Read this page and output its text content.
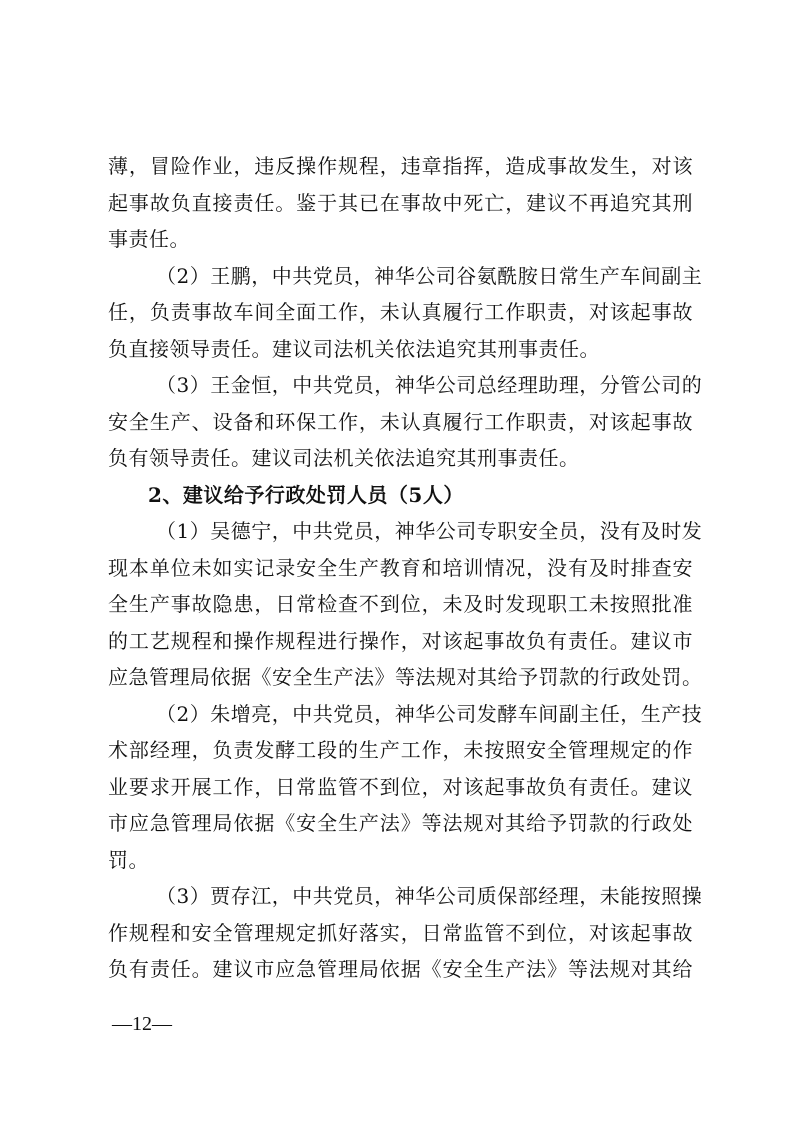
薄，冒险作业，违反操作规程，违章指挥，造成事故发生，对该
起事故负直接责任。鉴于其已在事故中死亡，建议不再追究其刑
事责任。
（2）王鹏，中共党员，神华公司谷氨酰胺日常生产车间副主
任，负责事故车间全面工作，未认真履行工作职责，对该起事故
负直接领导责任。建议司法机关依法追究其刑事责任。
（3）王金恒，中共党员，神华公司总经理助理，分管公司的
安全生产、设备和环保工作，未认真履行工作职责，对该起事故
负有领导责任。建议司法机关依法追究其刑事责任。
2、建议给予行政处罚人员（5人）
（1）吴德宁，中共党员，神华公司专职安全员，没有及时发
现本单位未如实记录安全生产教育和培训情况，没有及时排查安
全生产事故隐患，日常检查不到位，未及时发现职工未按照批准
的工艺规程和操作规程进行操作，对该起事故负有责任。建议市
应急管理局依据《安全生产法》等法规对其给予罚款的行政处罚。
（2）朱增亮，中共党员，神华公司发酵车间副主任，生产技
术部经理，负责发酵工段的生产工作，未按照安全管理规定的作
业要求开展工作，日常监管不到位，对该起事故负有责任。建议
市应急管理局依据《安全生产法》等法规对其给予罚款的行政处
罚。
（3）贾存江，中共党员，神华公司质保部经理，未能按照操
作规程和安全管理规定抓好落实，日常监管不到位，对该起事故
负有责任。建议市应急管理局依据《安全生产法》等法规对其给
—12—
